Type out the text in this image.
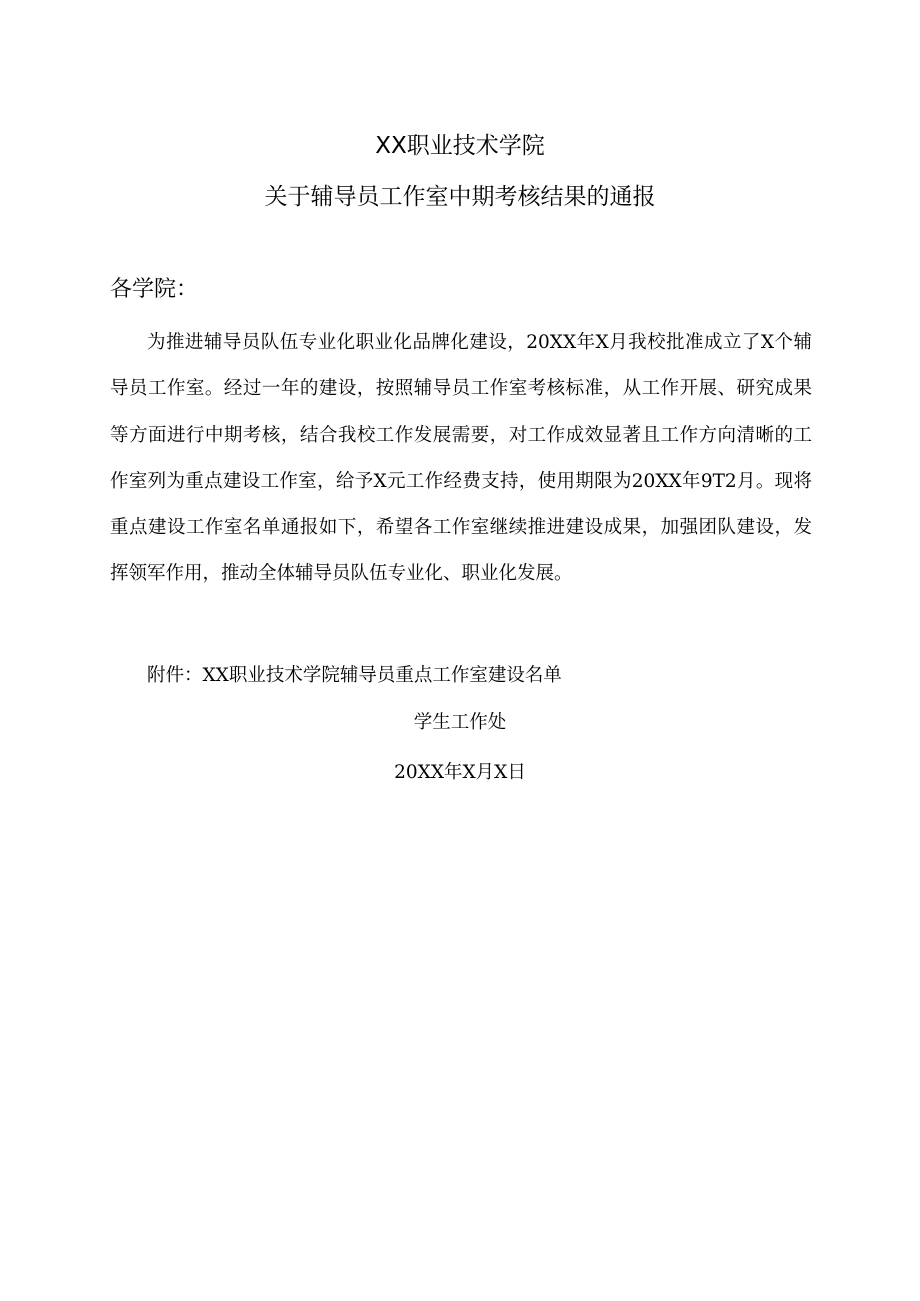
XX职业技术学院
关于辅导员工作室中期考核结果的通报

各学院：

为推进辅导员队伍专业化职业化品牌化建设，20XX年X月我校批准成立了X个辅导员工作室。经过一年的建设，按照辅导员工作室考核标准，从工作开展、研究成果等方面进行中期考核，结合我校工作发展需要，对工作成效显著且工作方向清晰的工作室列为重点建设工作室，给予X元工作经费支持，使用期限为20XX年9T2月。现将重点建设工作室名单通报如下，希望各工作室继续推进建设成果，加强团队建设，发挥领军作用，推动全体辅导员队伍专业化、职业化发展。

附件：XX职业技术学院辅导员重点工作室建设名单

学生工作处

20XX年X月X日
